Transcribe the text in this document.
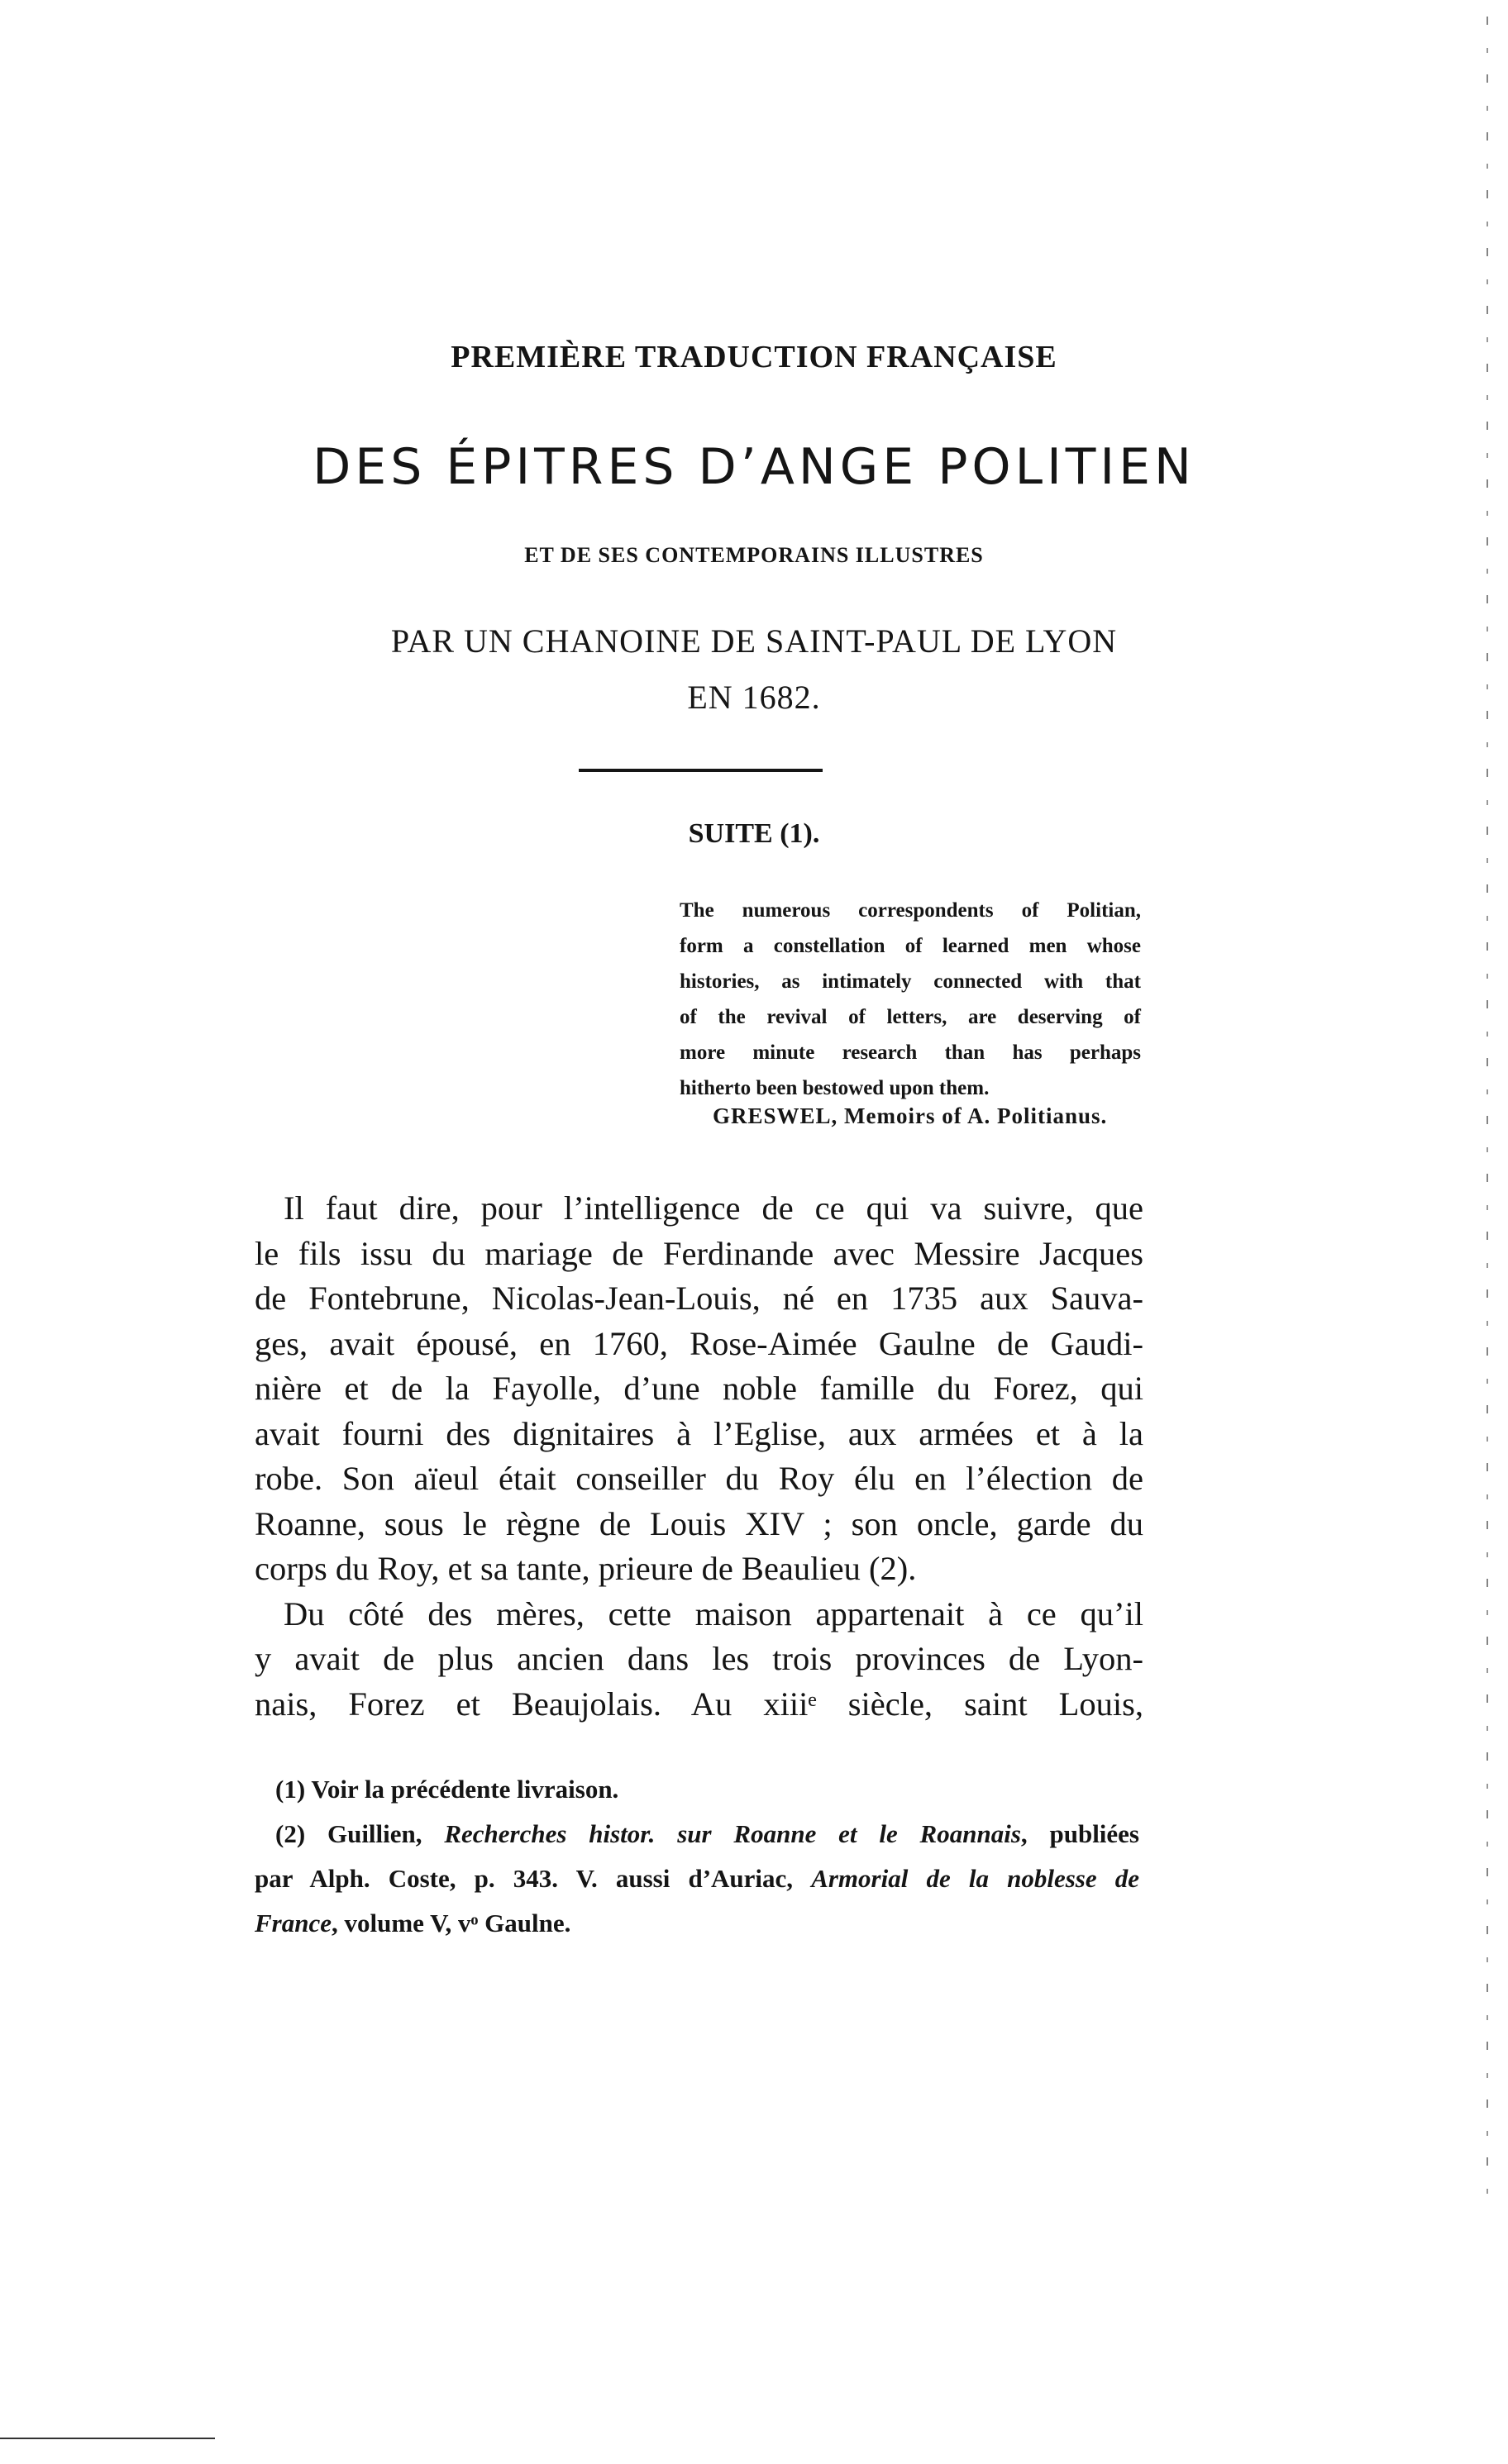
PREMIÈRE TRADUCTION FRANÇAISE
DES ÉPITRES D’ANGE POLITIEN
ET DE SES CONTEMPORAINS ILLUSTRES
PAR UN CHANOINE DE SAINT-PAUL DE LYON
EN 1682.
SUITE (1).
The numerous correspondents of Politian,
form a constellation of learned men whose
histories, as intimately connected with that
of the revival of letters, are deserving of
more minute research than has perhaps
hitherto been bestowed upon them.
GRESWEL, Memoirs of A. Politianus.
Il faut dire, pour l’intelligence de ce qui va suivre, que
le fils issu du mariage de Ferdinande avec Messire Jacques
de Fontebrune, Nicolas-Jean-Louis, né en 1735 aux Sauva-
ges, avait épousé, en 1760, Rose-Aimée Gaulne de Gaudi-
nière et de la Fayolle, d’une noble famille du Forez, qui
avait fourni des dignitaires à l’Eglise, aux armées et à la
robe. Son aïeul était conseiller du Roy élu en l’élection de
Roanne, sous le règne de Louis XIV ; son oncle, garde du
corps du Roy, et sa tante, prieure de Beaulieu (2).
Du côté des mères, cette maison appartenait à ce qu’il
y avait de plus ancien dans les trois provinces de Lyon-
nais, Forez et Beaujolais. Au xiiiᵉ siècle, saint Louis,
(1) Voir la précédente livraison.
(2) Guillien, Recherches histor. sur Roanne et le Roannais, publiées
par Alph. Coste, p. 343. V. aussi d’Auriac, Armorial de la noblesse de
France, volume V, vᵒ Gaulne.
